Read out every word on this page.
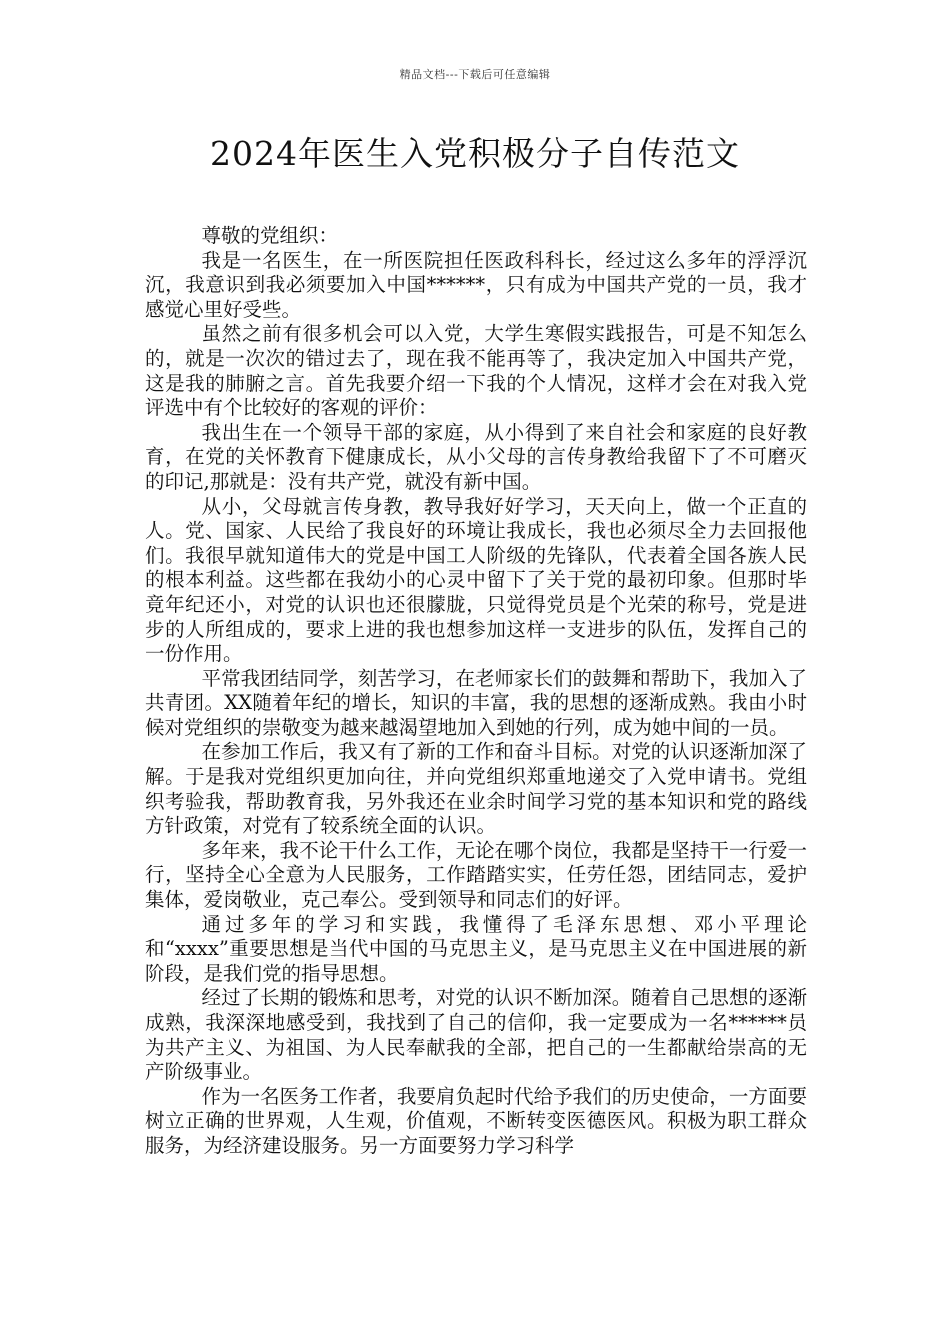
精品文档---下载后可任意编辑
2024年医生入党积极分子自传范文

尊敬的党组织：

我是一名医生，在一所医院担任医政科科长，经过这么多年的浮浮沉沉，我意识到我必须要加入中国******，只有成为中国共产党的一员，我才感觉心里好受些。

虽然之前有很多机会可以入党，大学生寒假实践报告，可是不知怎么的，就是一次次的错过去了，现在我不能再等了，我决定加入中国共产党，这是我的肺腑之言。首先我要介绍一下我的个人情况，这样才会在对我入党评选中有个比较好的客观的评价：

我出生在一个领导干部的家庭，从小得到了来自社会和家庭的良好教育，在党的关怀教育下健康成长，从小父母的言传身教给我留下了不可磨灭的印记,那就是：没有共产党，就没有新中国。

从小，父母就言传身教，教导我好好学习，天天向上，做一个正直的人。党、国家、人民给了我良好的环境让我成长，我也必须尽全力去回报他们。我很早就知道伟大的党是中国工人阶级的先锋队，代表着全国各族人民的根本利益。这些都在我幼小的心灵中留下了关于党的最初印象。但那时毕竟年纪还小，对党的认识也还很朦胧，只觉得党员是个光荣的称号，党是进步的人所组成的，要求上进的我也想参加这样一支进步的队伍，发挥自己的一份作用。

平常我团结同学，刻苦学习，在老师家长们的鼓舞和帮助下，我加入了共青团。XX随着年纪的增长，知识的丰富，我的思想的逐渐成熟。我由小时候对党组织的崇敬变为越来越渴望地加入到她的行列，成为她中间的一员。

在参加工作后，我又有了新的工作和奋斗目标。对党的认识逐渐加深了解。于是我对党组织更加向往，并向党组织郑重地递交了入党申请书。党组织考验我，帮助教育我，另外我还在业余时间学习党的基本知识和党的路线方针政策，对党有了较系统全面的认识。

多年来，我不论干什么工作，无论在哪个岗位，我都是坚持干一行爱一行，坚持全心全意为人民服务，工作踏踏实实，任劳任怨，团结同志，爱护集体，爱岗敬业，克己奉公。受到领导和同志们的好评。

通过多年的学习和实践，我懂得了毛泽东思想、邓小平理论和“xxxx”重要思想是当代中国的马克思主义，是马克思主义在中国进展的新阶段，是我们党的指导思想。

经过了长期的锻炼和思考，对党的认识不断加深。随着自己思想的逐渐成熟，我深深地感受到，我找到了自己的信仰，我一定要成为一名******员为共产主义、为祖国、为人民奉献我的全部，把自己的一生都献给崇高的无产阶级事业。

作为一名医务工作者，我要肩负起时代给予我们的历史使命，一方面要树立正确的世界观，人生观，价值观，不断转变医德医风。积极为职工群众服务，为经济建设服务。另一方面要努力学习科学
